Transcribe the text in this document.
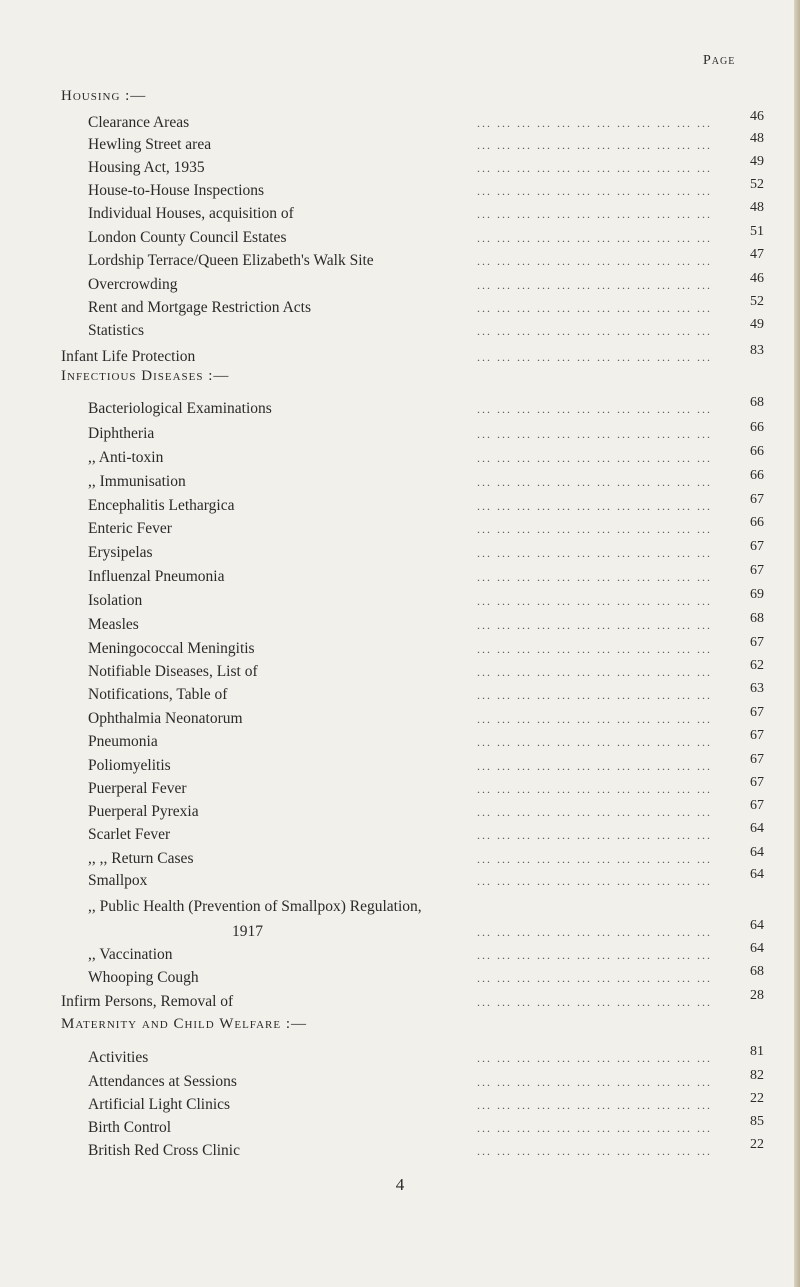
Page
Housing :—
Clearance Areas	... ... ... ... ... ... ... ... ... ... ... ...	46
Hewling Street area	... ... ... ... ... ... ... ... ... ... ... ...	48
Housing Act, 1935	... ... ... ... ... ... ... ... ... ... ... ...	49
House-to-House Inspections	... ... ... ... ... ... ... ... ... ... ... ...	52
Individual Houses, acquisition of	... ... ... ... ... ... ... ... ... ... ... ...	48
London County Council Estates	... ... ... ... ... ... ... ... ... ... ... ...	51
Lordship Terrace/Queen Elizabeth's Walk Site	... ... ... ... ... ... ... ... ... ... ... ...	47
Overcrowding	... ... ... ... ... ... ... ... ... ... ... ...	46
Rent and Mortgage Restriction Acts	... ... ... ... ... ... ... ... ... ... ... ...	52
Statistics	... ... ... ... ... ... ... ... ... ... ... ...	49
Infant Life Protection	... ... ... ... ... ... ... ... ... ... ... ...	83
Infectious Diseases :—
Bacteriological Examinations	... ... ... ... ... ... ... ... ... ... ... ...	68
Diphtheria	... ... ... ... ... ... ... ... ... ... ... ...	66
,, Anti-toxin	... ... ... ... ... ... ... ... ... ... ... ...	66
,, Immunisation	... ... ... ... ... ... ... ... ... ... ... ...	66
Encephalitis Lethargica	... ... ... ... ... ... ... ... ... ... ... ...	67
Enteric Fever	... ... ... ... ... ... ... ... ... ... ... ...	66
Erysipelas	... ... ... ... ... ... ... ... ... ... ... ...	67
Influenzal Pneumonia	... ... ... ... ... ... ... ... ... ... ... ...	67
Isolation	... ... ... ... ... ... ... ... ... ... ... ...	69
Measles	... ... ... ... ... ... ... ... ... ... ... ...	68
Meningococcal Meningitis	... ... ... ... ... ... ... ... ... ... ... ...	67
Notifiable Diseases, List of	... ... ... ... ... ... ... ... ... ... ... ...	62
Notifications, Table of	... ... ... ... ... ... ... ... ... ... ... ...	63
Ophthalmia Neonatorum	... ... ... ... ... ... ... ... ... ... ... ...	67
Pneumonia	... ... ... ... ... ... ... ... ... ... ... ...	67
Poliomyelitis	... ... ... ... ... ... ... ... ... ... ... ...	67
Puerperal Fever	... ... ... ... ... ... ... ... ... ... ... ...	67
Puerperal Pyrexia	... ... ... ... ... ... ... ... ... ... ... ...	67
Scarlet Fever	... ... ... ... ... ... ... ... ... ... ... ...	64
,, ,, Return Cases	... ... ... ... ... ... ... ... ... ... ... ...	64
Smallpox	... ... ... ... ... ... ... ... ... ... ... ...	64
,, Public Health (Prevention of Smallpox) Regulation,
1917	... ... ... ... ... ... ... ... ... ... ... ...	64
,, Vaccination	... ... ... ... ... ... ... ... ... ... ... ...	64
Whooping Cough	... ... ... ... ... ... ... ... ... ... ... ...	68
Infirm Persons, Removal of	... ... ... ... ... ... ... ... ... ... ... ...	28
Maternity and Child Welfare :—
Activities	... ... ... ... ... ... ... ... ... ... ... ...	81
Attendances at Sessions	... ... ... ... ... ... ... ... ... ... ... ...	82
Artificial Light Clinics	... ... ... ... ... ... ... ... ... ... ... ...	22
Birth Control	... ... ... ... ... ... ... ... ... ... ... ...	85
British Red Cross Clinic	... ... ... ... ... ... ... ... ... ... ... ...	22
4
